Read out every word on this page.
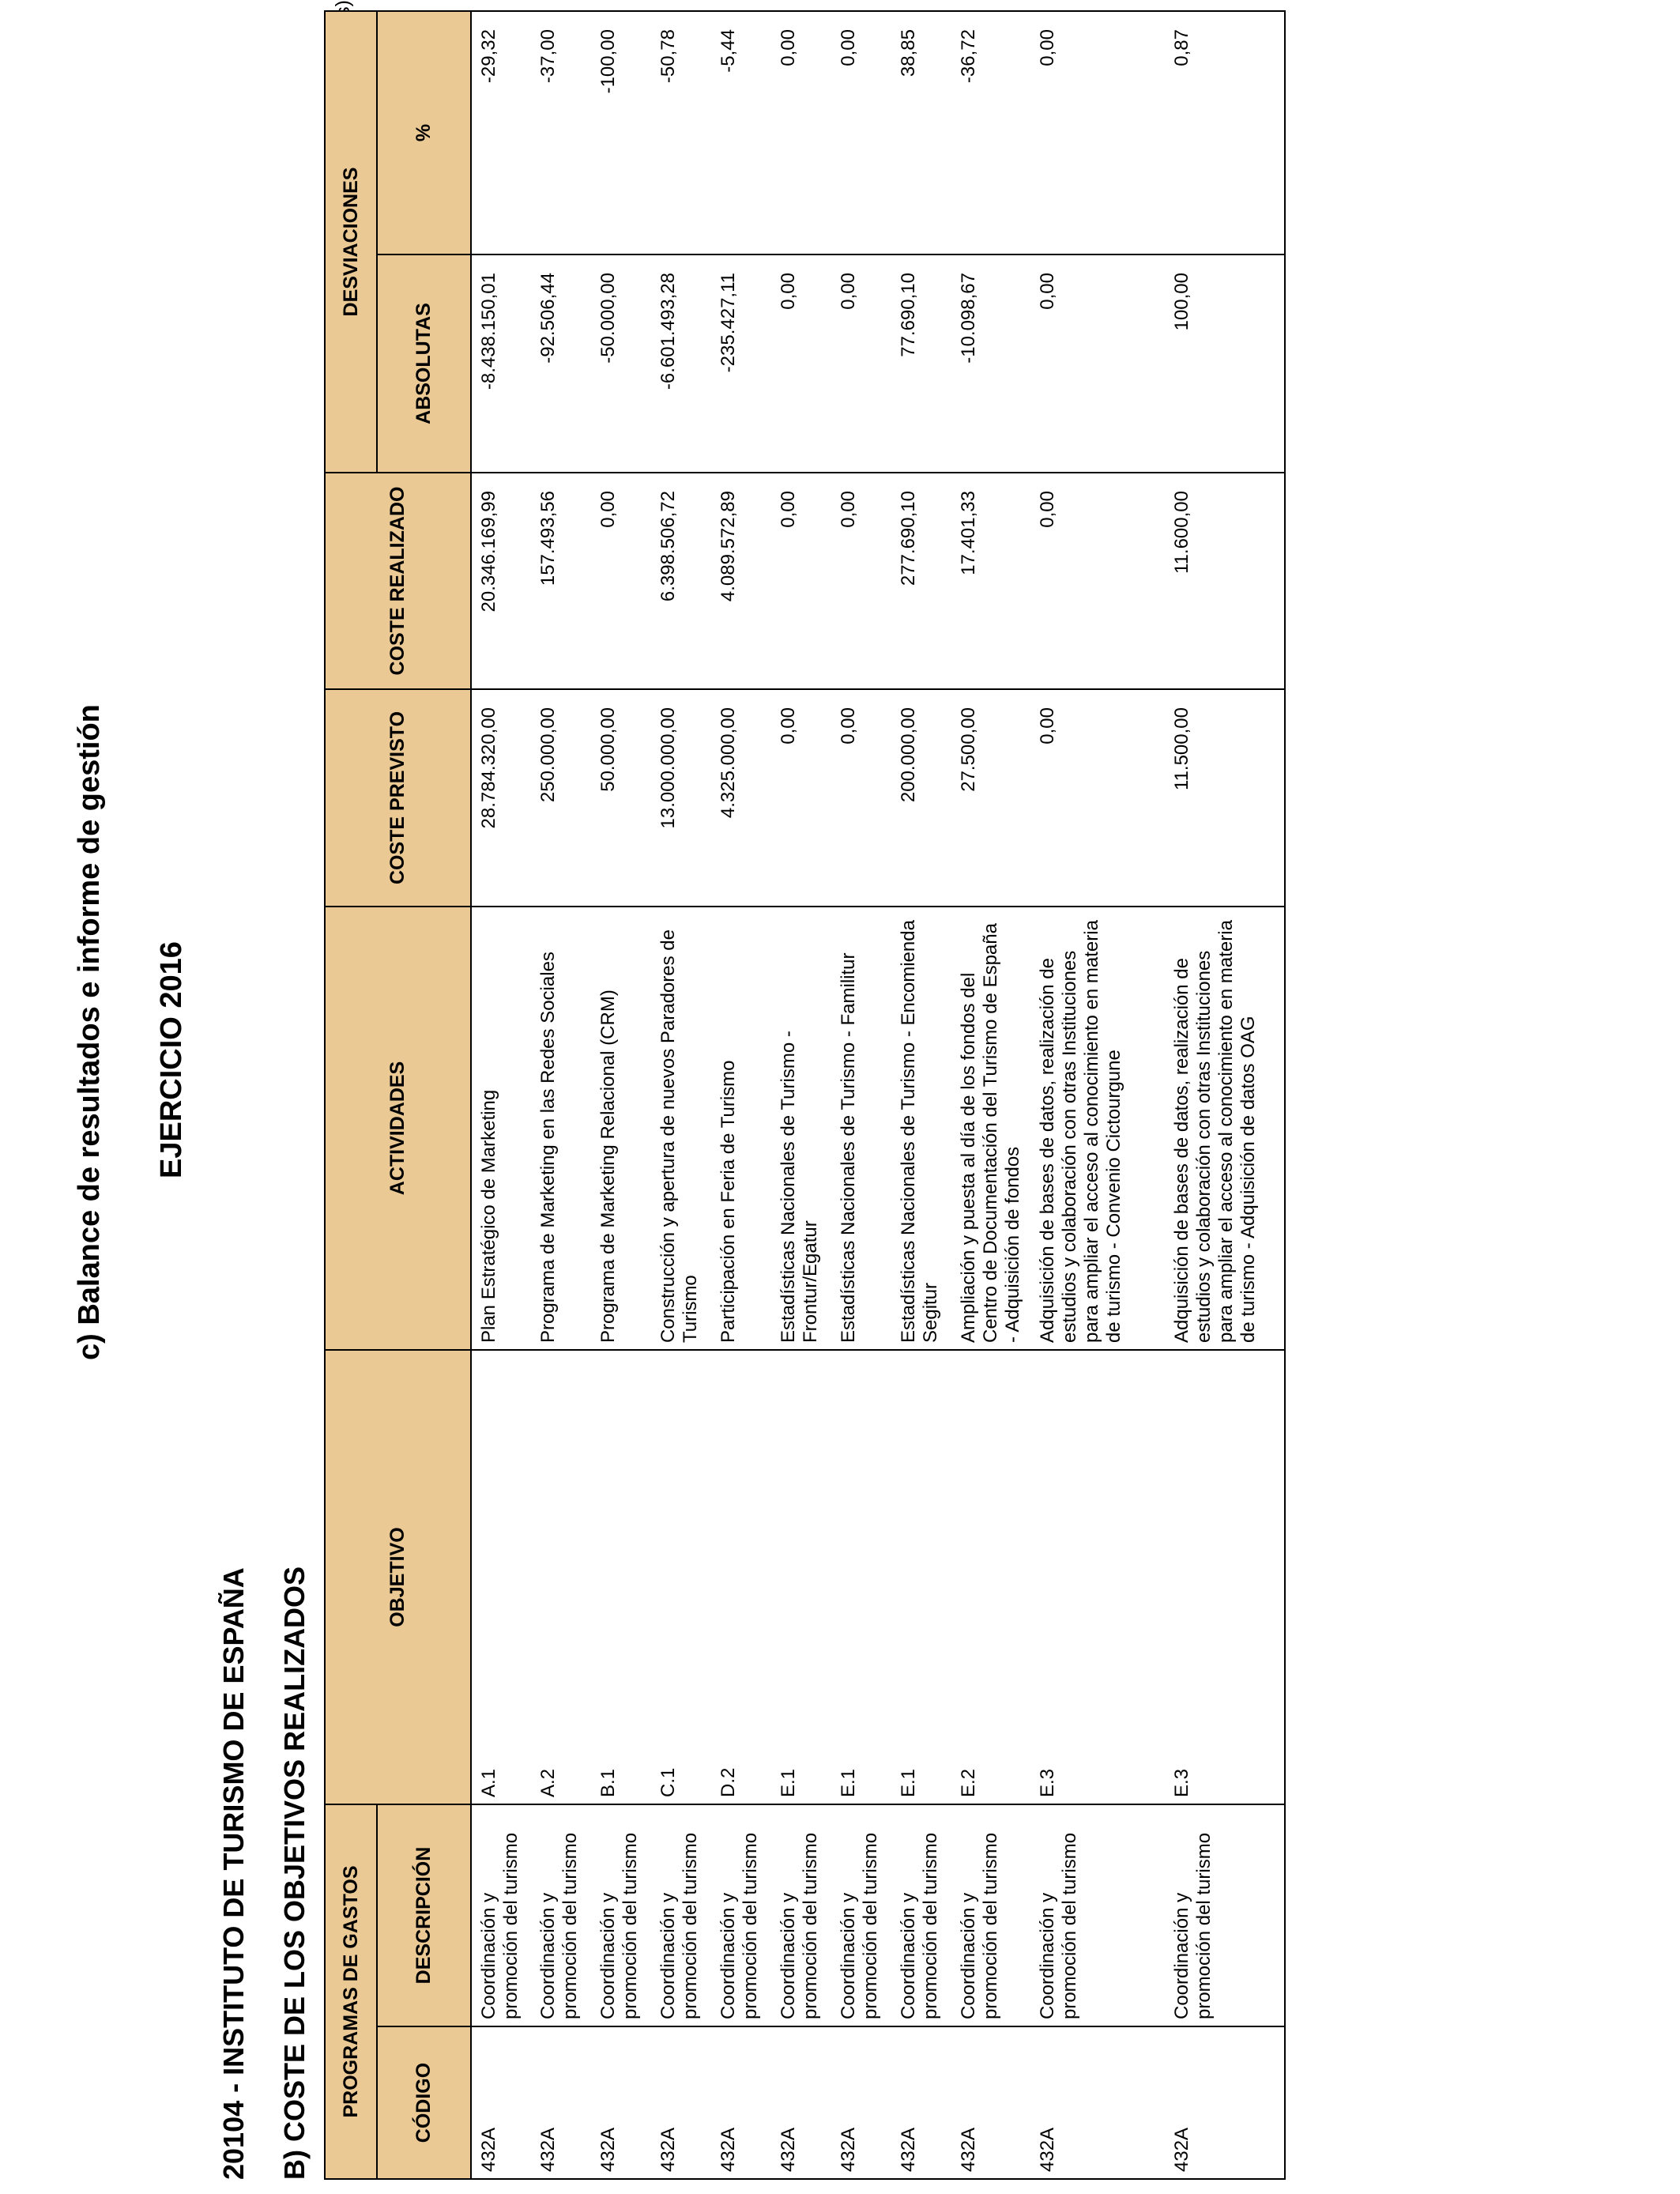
c) Balance de resultados e informe de gestión EJERCICIO 2016
20104 - INSTITUTO DE TURISMO DE ESPAÑA B) COSTE DE LOS OBJETIVOS REALIZADOS PROGRAMAS DE GASTOS		OBJETIVO	ACTIVIDADES	COSTE PREVISTO	COSTE REALIZADO	DESVIACIONES	
CÓDIGO	DESCRIPCIÓN					ABSOLUTAS	%
432A	Coordinación y promoción del turismo	A.1	Plan Estratégico de Marketing	28.784.320,00	20.346.169,99	-8.438.150,01	-29,32
432A	Coordinación y promoción del turismo	A.2	Programa de Marketing en las Redes Sociales	250.000,00	157.493,56	-92.506,44	-37,00
432A	Coordinación y promoción del turismo	B.1	Programa de Marketing Relacional (CRM)	50.000,00	0,00	-50.000,00	-100,00
432A	Coordinación y promoción del turismo	C.1	Construcción y apertura de nuevos Paradores de Turismo	13.000.000,00	6.398.506,72	-6.601.493,28	-50,78
432A	Coordinación y promoción del turismo	D.2	Participación en Feria de Turismo	4.325.000,00	4.089.572,89	-235.427,11	-5,44
432A	Coordinación y promoción del turismo	E.1	Estadísticas Nacionales de Turismo - Frontur/Egatur	0,00	0,00	0,00	0,00
432A	Coordinación y promoción del turismo	E.1	Estadísticas Nacionales de Turismo - Familitur	0,00	0,00	0,00	0,00
432A	Coordinación y promoción del turismo	E.1	Estadísticas Nacionales de Turismo - Encomienda Segitur	200.000,00	277.690,10	77.690,10	38,85
432A	Coordinación y promoción del turismo	E.2	Ampliación y puesta al día de los fondos del Centro de Documentación del Turismo de España - Adquisición de fondos	27.500,00	17.401,33	-10.098,67	-36,72
432A	Coordinación y promoción del turismo	E.3	Adquisición de bases de datos, realización de estudios y colaboración con otras Instituciones para ampliar el acceso al conocimiento en materia de turismo - Convenio Cictourgune	0,00	0,00	0,00	0,00
432A	Coordinación y promoción del turismo	E.3	Adquisición de bases de datos, realización de estudios y colaboración con otras Instituciones para ampliar el acceso al conocimiento en materia de turismo - Adquisición de datos OAG	11.500,00	11.600,00	100,00	0,87
